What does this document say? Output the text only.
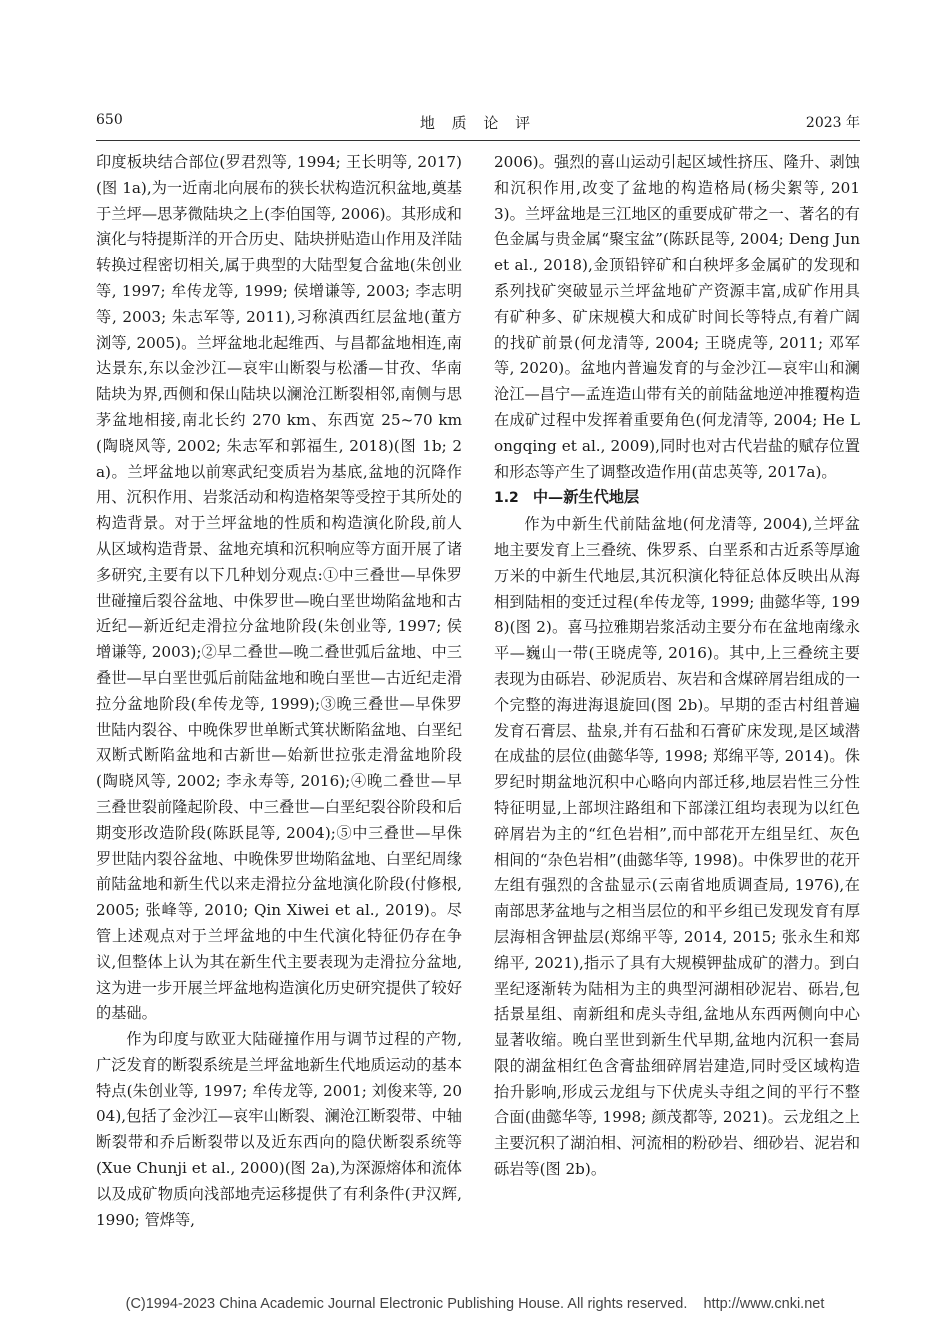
650	地 质 论 评	2023 年

印度板块结合部位(罗君烈等, 1994; 王长明等, 2017)(图 1a),为一近南北向展布的狭长状构造沉积盆地,奠基于兰坪—思茅微陆块之上(李伯国等, 2006)。其形成和演化与特提斯洋的开合历史、陆块拼贴造山作用及洋陆转换过程密切相关,属于典型的大陆型复合盆地(朱创业等, 1997; 牟传龙等, 1999; 侯增谦等, 2003; 李志明等, 2003; 朱志军等, 2011),习称滇西红层盆地(董方浏等, 2005)。兰坪盆地北起维西、与昌都盆地相连,南达景东,东以金沙江—哀牢山断裂与松潘—甘孜、华南陆块为界,西侧和保山陆块以澜沧江断裂相邻,南侧与思茅盆地相接,南北长约 270 km、东西宽 25~70 km(陶晓风等, 2002; 朱志军和郭福生, 2018)(图 1b; 2a)。兰坪盆地以前寒武纪变质岩为基底,盆地的沉降作用、沉积作用、岩浆活动和构造格架等受控于其所处的构造背景。对于兰坪盆地的性质和构造演化阶段,前人从区域构造背景、盆地充填和沉积响应等方面开展了诸多研究,主要有以下几种划分观点:①中三叠世—早侏罗世碰撞后裂谷盆地、中侏罗世—晚白垩世坳陷盆地和古近纪—新近纪走滑拉分盆地阶段(朱创业等, 1997; 侯增谦等, 2003);②早二叠世—晚二叠世弧后盆地、中三叠世—早白垩世弧后前陆盆地和晚白垩世—古近纪走滑拉分盆地阶段(牟传龙等, 1999);③晚三叠世—早侏罗世陆内裂谷、中晚侏罗世单断式箕状断陷盆地、白垩纪双断式断陷盆地和古新世—始新世拉张走滑盆地阶段(陶晓风等, 2002; 李永寿等, 2016);④晚二叠世—早三叠世裂前隆起阶段、中三叠世—白垩纪裂谷阶段和后期变形改造阶段(陈跃昆等, 2004);⑤中三叠世—早侏罗世陆内裂谷盆地、中晚侏罗世坳陷盆地、白垩纪周缘前陆盆地和新生代以来走滑拉分盆地演化阶段(付修根, 2005; 张峰等, 2010; Qin Xiwei et al., 2019)。尽管上述观点对于兰坪盆地的中生代演化特征仍存在争议,但整体上认为其在新生代主要表现为走滑拉分盆地,这为进一步开展兰坪盆地构造演化历史研究提供了较好的基础。

作为印度与欧亚大陆碰撞作用与调节过程的产物,广泛发育的断裂系统是兰坪盆地新生代地质运动的基本特点(朱创业等, 1997; 牟传龙等, 2001; 刘俊来等, 2004),包括了金沙江—哀牢山断裂、澜沧江断裂带、中轴断裂带和乔后断裂带以及近东西向的隐伏断裂系统等(Xue Chunji et al., 2000)(图 2a),为深源熔体和流体以及成矿物质向浅部地壳运移提供了有利条件(尹汉辉, 1990; 管烨等,

2006)。强烈的喜山运动引起区域性挤压、隆升、剥蚀和沉积作用,改变了盆地的构造格局(杨尖絮等, 2013)。兰坪盆地是三江地区的重要成矿带之一、著名的有色金属与贵金属“聚宝盆”(陈跃昆等, 2004; Deng Jun et al., 2018),金顶铅锌矿和白秧坪多金属矿的发现和系列找矿突破显示兰坪盆地矿产资源丰富,成矿作用具有矿种多、矿床规模大和成矿时间长等特点,有着广阔的找矿前景(何龙清等, 2004; 王晓虎等, 2011; 邓军等, 2020)。盆地内普遍发育的与金沙江—哀牢山和澜沧江—昌宁—孟连造山带有关的前陆盆地逆冲推覆构造在成矿过程中发挥着重要角色(何龙清等, 2004; He Longqing et al., 2009),同时也对古代岩盐的赋存位置和形态等产生了调整改造作用(苗忠英等, 2017a)。

1.2 中—新生代地层

作为中新生代前陆盆地(何龙清等, 2004),兰坪盆地主要发育上三叠统、侏罗系、白垩系和古近系等厚逾万米的中新生代地层,其沉积演化特征总体反映出从海相到陆相的变迁过程(牟传龙等, 1999; 曲懿华等, 1998)(图 2)。喜马拉雅期岩浆活动主要分布在盆地南缘永平—巍山一带(王晓虎等, 2016)。其中,上三叠统主要表现为由砾岩、砂泥质岩、灰岩和含煤碎屑岩组成的一个完整的海进海退旋回(图 2b)。早期的歪古村组普遍发育石膏层、盐泉,并有石盐和石膏矿床发现,是区域潜在成盐的层位(曲懿华等, 1998; 郑绵平等, 2014)。侏罗纪时期盆地沉积中心略向内部迁移,地层岩性三分性特征明显,上部坝注路组和下部漾江组均表现为以红色碎屑岩为主的“红色岩相”,而中部花开左组呈红、灰色相间的“杂色岩相”(曲懿华等, 1998)。中侏罗世的花开左组有强烈的含盐显示(云南省地质调查局, 1976),在南部思茅盆地与之相当层位的和平乡组已发现发育有厚层海相含钾盐层(郑绵平等, 2014, 2015; 张永生和郑绵平, 2021),指示了具有大规模钾盐成矿的潜力。到白垩纪逐渐转为陆相为主的典型河湖相砂泥岩、砾岩,包括景星组、南新组和虎头寺组,盆地从东西两侧向中心显著收缩。晚白垩世到新生代早期,盆地内沉积一套局限的湖盆相红色含膏盐细碎屑岩建造,同时受区域构造抬升影响,形成云龙组与下伏虎头寺组之间的平行不整合面(曲懿华等, 1998; 颜茂都等, 2021)。云龙组之上主要沉积了湖泊相、河流相的粉砂岩、细砂岩、泥岩和砾岩等(图 2b)。

(C)1994-2023 China Academic Journal Electronic Publishing House. All rights reserved.    http://www.cnki.net
